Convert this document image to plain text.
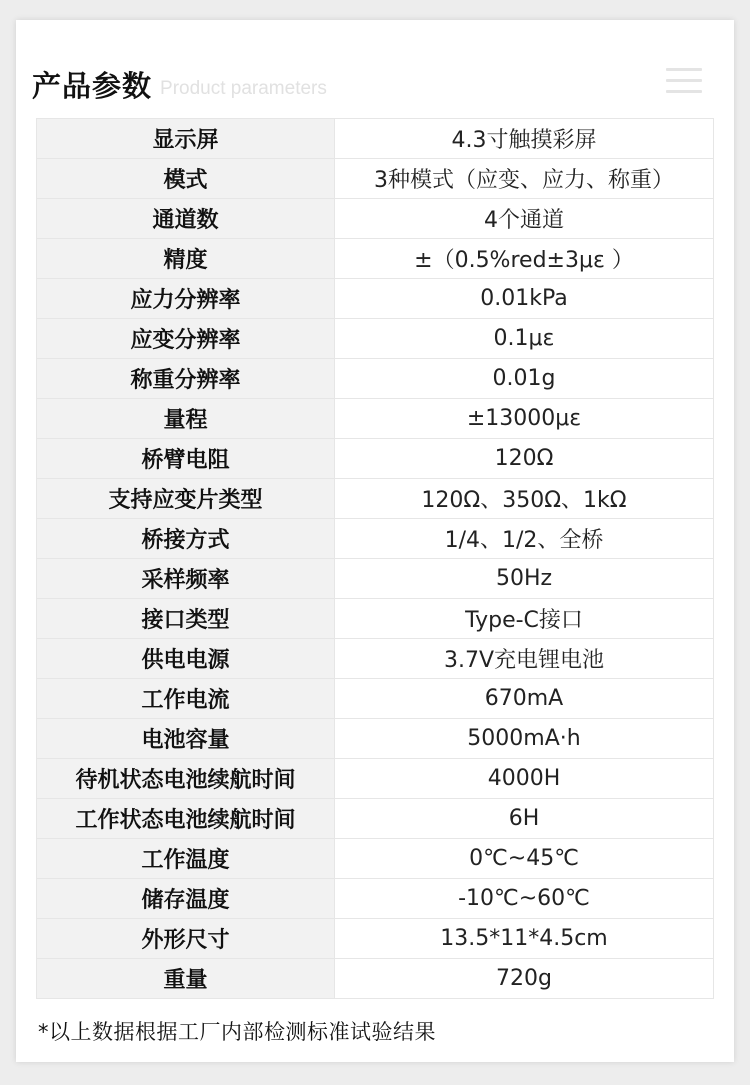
产品参数 Product parameters
显示屏	4.3寸触摸彩屏
模式	3种模式（应变、应力、称重）
通道数	4个通道
精度	±（0.5%red±3με ）
应力分辨率	0.01kPa
应变分辨率	0.1με
称重分辨率	0.01g
量程	±13000με
桥臂电阻	120Ω
支持应变片类型	120Ω、350Ω、1kΩ
桥接方式	1/4、1/2、全桥
采样频率	50Hz
接口类型	Type-C接口
供电电源	3.7V充电锂电池
工作电流	670mA
电池容量	5000mA·h
待机状态电池续航时间	4000H
工作状态电池续航时间	6H
工作温度	0℃~45℃
储存温度	-10℃~60℃
外形尺寸	13.5*11*4.5cm
重量	720g
*以上数据根据工厂内部检测标准试验结果
